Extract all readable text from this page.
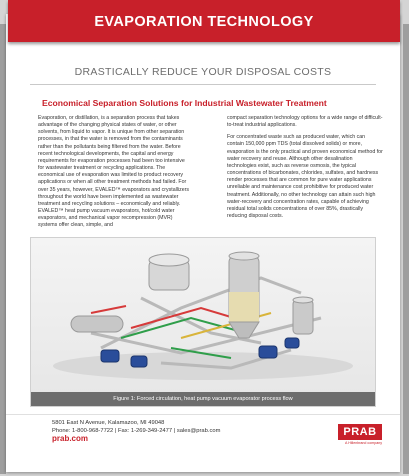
DRASTICALLY REDUCE YOUR DISPOSAL COSTS
Economical Separation Solutions for Industrial Wastewater Treatment

Evaporation, or distillation, is a separation process that takes advantage of the changing physical states of water, or other solvents, from liquid to vapor. It is unique from other separation processes, in that the water is removed from the contaminants rather than the pollutants being filtered from the water. Before recent technological developments, the capital and energy requirements for evaporation processes had been too intensive for wastewater treatment or recycling applications. The economical use of evaporation was limited to product recovery applications or when all other treatment methods had failed. For over 35 years, however, EVALED™ evaporators and crystallizers throughout the world have been implemented as wastewater treatment and recycling solutions – economically and reliably. EVALED™ heat pump vacuum evaporators, hot/cold water evaporators, and mechanical vapor recompression (MVR) systems offer clean, simple, and

compact separation technology options for a wide range of difficult-to-treat industrial applications.

For concentrated waste such as produced water, which can contain 150,000 ppm TDS (total dissolved solids) or more, evaporation is the only practical and proven economical method for water recovery and reuse. Although other desalination technologies exist, such as reverse osmosis, the typical concentrations of bicarbonates, chlorides, sulfates, and hardness render processes that are common for pure water applications unreliable and maintenance cost prohibitive for produced water treatment. Additionally, no other technology can attain such high water-recovery and concentration rates, capable of achieving residual total solids concentrations of over 85%, drastically reducing disposal costs.

Figure 1: Forced circulation, heat pump vacuum evaporator process flow
5801 East N Avenue, Kalamazoo, MI 49048
Phone: 1-800-968-7722 | Fax: 1-269-349-2477 | sales@prab.com
prab.com
PRAB
A Hillenbrand company
EVAPORATION TECHNOLOGY
